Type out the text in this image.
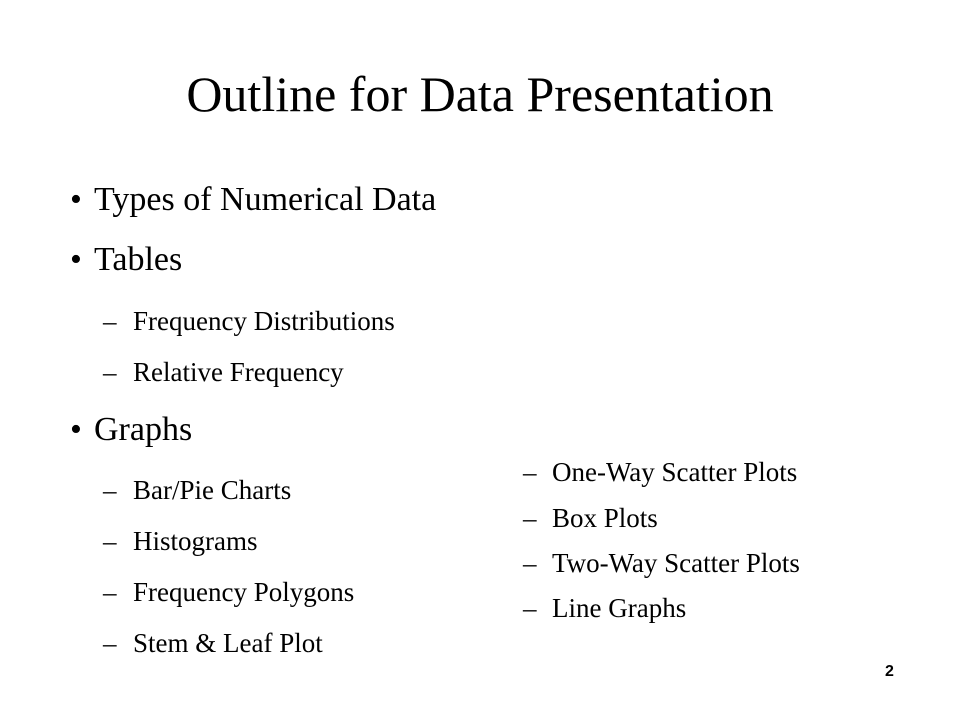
Outline for Data Presentation
• Types of Numerical Data
• Tables
– Frequency Distributions
– Relative Frequency
• Graphs
– Bar/Pie Charts
– Histograms
– Frequency Polygons
– Stem & Leaf Plot
– One-Way Scatter Plots
– Box Plots
– Two-Way Scatter Plots
– Line Graphs
2
